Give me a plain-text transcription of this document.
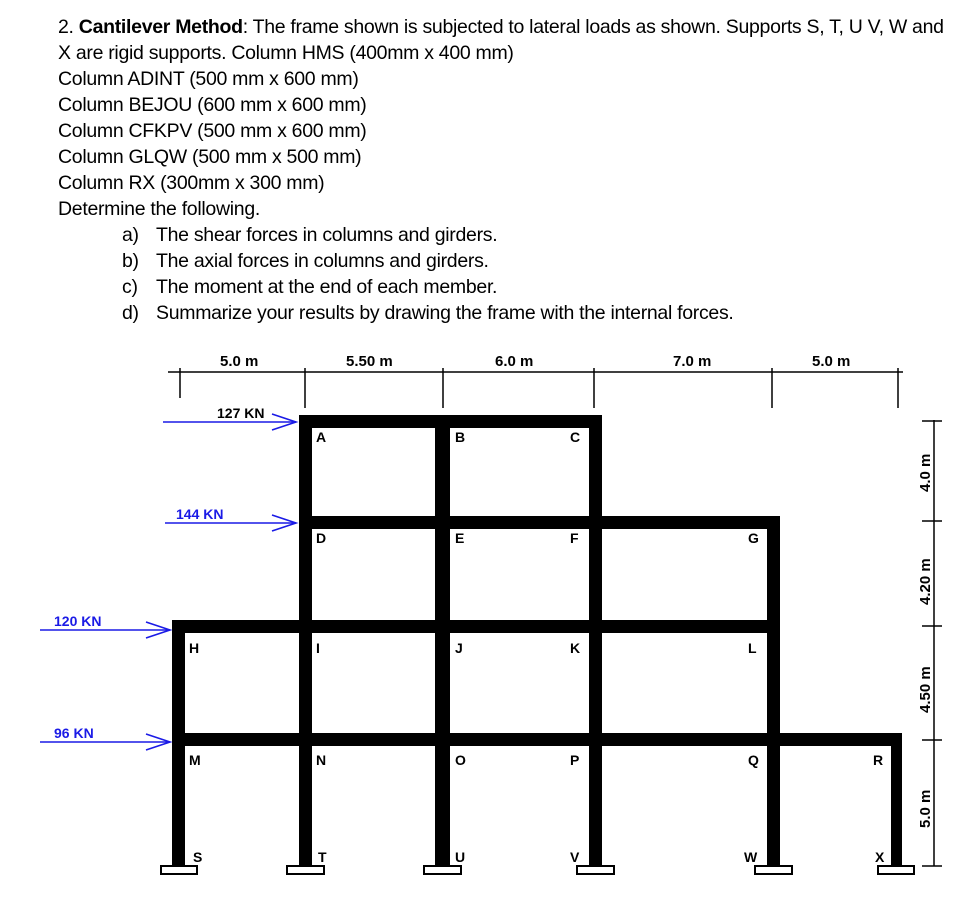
2. Cantilever Method: The frame shown is subjected to lateral loads as shown. Supports S, T, U V, W and
X are rigid supports. Column HMS (400mm x 400 mm)
Column ADINT (500 mm x 600 mm)
Column BEJOU (600 mm x 600 mm)
Column CFKPV (500 mm x 600 mm)
Column GLQW (500 mm x 500 mm)
Column RX (300mm x 300 mm)
Determine the following.
a) The shear forces in columns and girders.
b) The axial forces in columns and girders.
c) The moment at the end of each member.
d) Summarize your results by drawing the frame with the internal forces.
5.0 m	5.50 m	6.0 m	7.0 m	5.0 m
4.0 m
4.20 m
4.50 m
5.0 m
A	B	C
D	E	F	G
H	I	J	K	L
M	N	O	P	Q	R
S	T	U	V	W	X
127 KN
144 KN
120 KN
96 KN
